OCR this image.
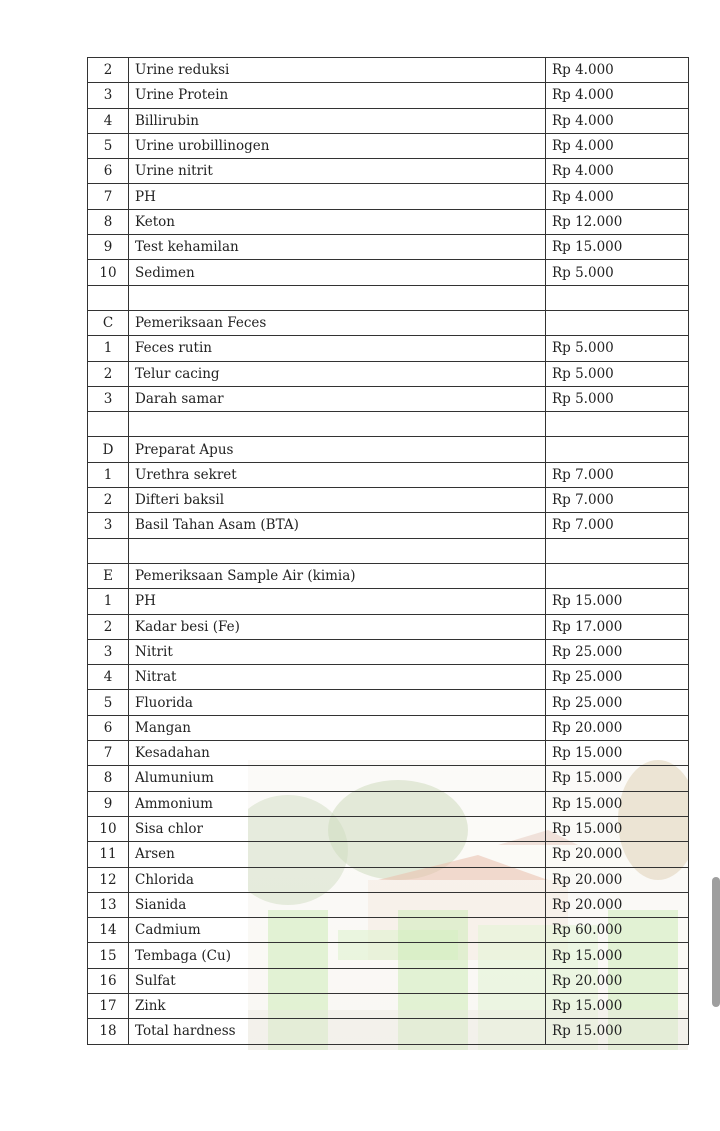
2	Urine reduksi	Rp 4.000
3	Urine Protein	Rp 4.000
4	Billirubin	Rp 4.000
5	Urine urobillinogen	Rp 4.000
6	Urine nitrit	Rp 4.000
7	PH	Rp 4.000
8	Keton	Rp 12.000
9	Test kehamilan	Rp 15.000
10	Sedimen	Rp 5.000

C	Pemeriksaan Feces	
1	Feces rutin	Rp 5.000
2	Telur cacing	Rp 5.000
3	Darah samar	Rp 5.000

D	Preparat Apus	
1	Urethra sekret	Rp 7.000
2	Difteri baksil	Rp 7.000
3	Basil Tahan Asam (BTA)	Rp 7.000

E	Pemeriksaan Sample Air (kimia)	
1	PH	Rp 15.000
2	Kadar besi (Fe)	Rp 17.000
3	Nitrit	Rp 25.000
4	Nitrat	Rp 25.000
5	Fluorida	Rp 25.000
6	Mangan	Rp 20.000
7	Kesadahan	Rp 15.000
8	Alumunium	Rp 15.000
9	Ammonium	Rp 15.000
10	Sisa chlor	Rp 15.000
11	Arsen	Rp 20.000
12	Chlorida	Rp 20.000
13	Sianida	Rp 20.000
14	Cadmium	Rp 60.000
15	Tembaga (Cu)	Rp 15.000
16	Sulfat	Rp 20.000
17	Zink	Rp 15.000
18	Total hardness	Rp 15.000
